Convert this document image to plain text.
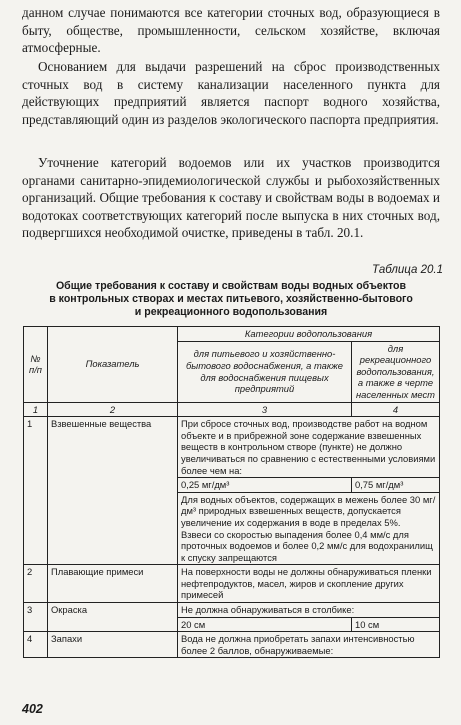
данном случае понимаются все категории сточных вод, образующиеся в быту, обществе, промышленности, сельском хозяйстве, включая атмосферные.

Основанием для выдачи разрешений на сброс производственных сточных вод в систему канализации населенного пункта для действующих предприятий является паспорт водного хозяйства, представляющий один из разделов экологического паспорта предприятия.

Уточнение категорий водоемов или их участков производится органами санитарно-эпидемиологической службы и рыбохозяйственных организаций. Общие требования к составу и свойствам воды в водоемах и водотоках соответствующих категорий после выпуска в них сточных вод, подвергшихся необходимой очистке, приведены в табл. 20.1.

Таблица 20.1
Общие требования к составу и свойствам воды водных объектов
в контрольных створах и местах питьевого, хозяйственно-бытового
и рекреационного водопользования
№ п/п	Показатель	Категории водопользования	
		для питьевого и хозяйственно-бытового водоснабжения, а также для водоснабжения пищевых предприятий	для рекреационного водопользования, а также в черте населенных мест
1	2	3	4
1	Взвешенные вещества	При сбросе сточных вод, производстве работ на водном объекте и в прибрежной зоне содержание взвешенных веществ в контрольном створе (пункте) не должно увеличиваться по сравнению с естественными условиями более чем на:	
		0,25 мг/дм³	0,75 мг/дм³

		Для водных объектов, содержащих в межень более 30 мг/дм³ природных взвешенных веществ, допускается увеличение их содержания в воде в пределах 5%.
Взвеси со скоростью выпадения более 0,4 мм/с для проточных водоемов и более 0,2 мм/с для водохранилищ к спуску запрещаются	

2	Плавающие примеси	На поверхности воды не должны обнаруживаться пленки нефтепродуктов, масел, жиров и скопление других примесей	
3	Окраска	Не должна обнаруживаться в столбике:	
		20 см	10 см
4	Запахи	Вода не должна приобретать запахи интенсивностью более 2 баллов, обнаруживаемые:	
402
